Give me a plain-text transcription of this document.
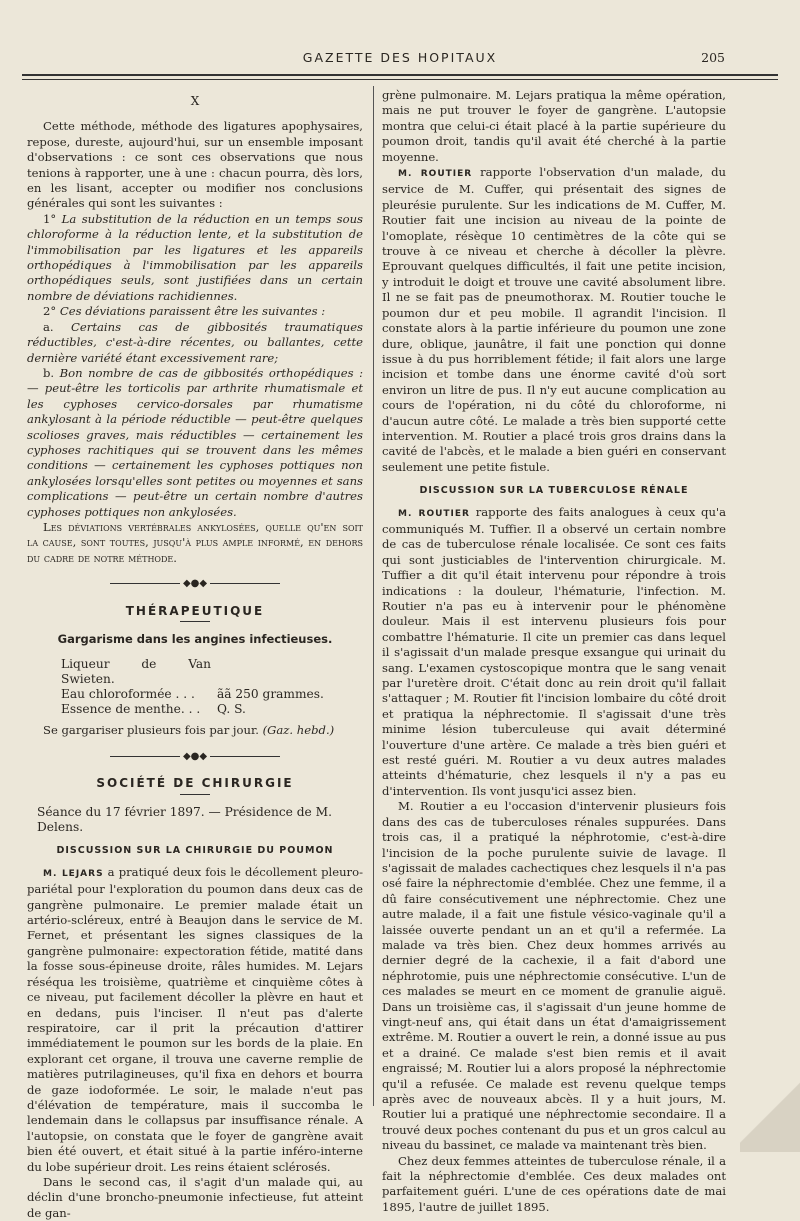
GAZETTE DES HOPITAUX	205
X

Cette méthode, méthode des ligatures apophysaires, repose, dureste, aujourd'hui, sur un ensemble imposant d'observations : ce sont ces observations que nous tenions à rapporter, une à une : chacun pourra, dès lors, en les lisant, accepter ou modifier nos conclusions générales qui sont les suivantes :

1° La substitution de la réduction en un temps sous chloroforme à la réduction lente, et la substitution de l'immobilisation par les ligatures et les appareils orthopédiques à l'immobilisation par les appareils orthopédiques seuls, sont justifiées dans un certain nombre de déviations rachidiennes.

2° Ces déviations paraissent être les suivantes :

a. Certains cas de gibbosités traumatiques réductibles, c'est-à-dire récentes, ou ballantes, cette dernière variété étant excessivement rare;

b. Bon nombre de cas de gibbosités orthopédiques : — peut-être les torticolis par arthrite rhumatismale et les cyphoses cervico-dorsales par rhumatisme ankylosant à la période réductible — peut-être quelques scolioses graves, mais réductibles — certainement les cyphoses rachitiques qui se trouvent dans les mêmes conditions — certainement les cyphoses pottiques non ankylosées lorsqu'elles sont petites ou moyennes et sans complications — peut-être un certain nombre d'autres cyphoses pottiques non ankylosées.

Les déviations vertébrales ankylosées, quelle qu'en soit la cause, sont toutes, jusqu'à plus ample informé, en dehors du cadre de notre méthode.

◆●◆
THÉRAPEUTIQUE
Gargarisme dans les angines infectieuses.
Liqueur de Van Swieten.
Eau chloroformée . . .	ãã 250 grammes.
Essence de menthe. . .	Q. S.

Se gargariser plusieurs fois par jour. (Gaz. hebd.)

◆●◆
SOCIÉTÉ DE CHIRURGIE

Séance du 17 février 1897. — Présidence de M. Delens.

DISCUSSION SUR LA CHIRURGIE DU POUMON

M. LEJARS a pratiqué deux fois le décollement pleuro-pariétal pour l'exploration du poumon dans deux cas de gangrène pulmonaire. Le premier malade était un artério-scléreux, entré à Beaujon dans le service de M. Fernet, et présentant les signes classiques de la gangrène pulmonaire: expectoration fétide, matité dans la fosse sous-épineuse droite, râles humides. M. Lejars réséqua les troisième, quatrième et cinquième côtes à ce niveau, put facilement décoller la plèvre en haut et en dedans, puis l'inciser. Il n'eut pas d'alerte respiratoire, car il prit la précaution d'attirer immédiatement le poumon sur les bords de la plaie. En explorant cet organe, il trouva une caverne remplie de matières putrilagineuses, qu'il fixa en dehors et bourra de gaze iodoformée. Le soir, le malade n'eut pas d'élévation de température, mais il succomba le lendemain dans le collapsus par insuffisance rénale. A l'autopsie, on constata que le foyer de gangrène avait bien été ouvert, et était situé à la partie inféro-interne du lobe supérieur droit. Les reins étaient sclérosés.

Dans le second cas, il s'agit d'un malade qui, au déclin d'une broncho-pneumonie infectieuse, fut atteint de gan-

grène pulmonaire. M. Lejars pratiqua la même opération, mais ne put trouver le foyer de gangrène. L'autopsie montra que celui-ci était placé à la partie supérieure du poumon droit, tandis qu'il avait été cherché à la partie moyenne.

M. ROUTIER rapporte l'observation d'un malade, du service de M. Cuffer, qui présentait des signes de pleurésie purulente. Sur les indications de M. Cuffer, M. Routier fait une incision au niveau de la pointe de l'omoplate, résèque 10 centimètres de la côte qui se trouve à ce niveau et cherche à décoller la plèvre. Eprouvant quelques difficultés, il fait une petite incision, y introduit le doigt et trouve une cavité absolument libre. Il ne se fait pas de pneumothorax. M. Routier touche le poumon dur et peu mobile. Il agrandit l'incision. Il constate alors à la partie inférieure du poumon une zone dure, oblique, jaunâtre, il fait une ponction qui donne issue à du pus horriblement fétide; il fait alors une large incision et tombe dans une énorme cavité d'où sort environ un litre de pus. Il n'y eut aucune complication au cours de l'opération, ni du côté du chloroforme, ni d'aucun autre côté. Le malade a très bien supporté cette intervention. M. Routier a placé trois gros drains dans la cavité de l'abcès, et le malade a bien guéri en conservant seulement une petite fistule.

DISCUSSION SUR LA TUBERCULOSE RÉNALE

M. ROUTIER rapporte des faits analogues à ceux qu'a communiqués M. Tuffier. Il a observé un certain nombre de cas de tuberculose rénale localisée. Ce sont ces faits qui sont justiciables de l'intervention chirurgicale. M. Tuffier a dit qu'il était intervenu pour répondre à trois indications : la douleur, l'hématurie, l'infection. M. Routier n'a pas eu à intervenir pour le phénomène douleur. Mais il est intervenu plusieurs fois pour combattre l'hématurie. Il cite un premier cas dans lequel il s'agissait d'un malade presque exsangue qui urinait du sang. L'examen cystoscopique montra que le sang venait par l'uretère droit. C'était donc au rein droit qu'il fallait s'attaquer ; M. Routier fit l'incision lombaire du côté droit et pratiqua la néphrectomie. Il s'agissait d'une très minime lésion tuberculeuse qui avait déterminé l'ouverture d'une artère. Ce malade a très bien guéri et est resté guéri. M. Routier a vu deux autres malades atteints d'hématurie, chez lesquels il n'y a pas eu d'intervention. Ils vont jusqu'ici assez bien.

M. Routier a eu l'occasion d'intervenir plusieurs fois dans des cas de tuberculoses rénales suppurées. Dans trois cas, il a pratiqué la néphrotomie, c'est-à-dire l'incision de la poche purulente suivie de lavage. Il s'agissait de malades cachectiques chez lesquels il n'a pas osé faire la néphrectomie d'emblée. Chez une femme, il a dû faire consécutivement une néphrectomie. Chez une autre malade, il a fait une fistule vésico-vaginale qu'il a laissée ouverte pendant un an et qu'il a refermée. La malade va très bien. Chez deux hommes arrivés au dernier degré de la cachexie, il a fait d'abord une néphrotomie, puis une néphrectomie consécutive. L'un de ces malades se meurt en ce moment de granulie aiguë. Dans un troisième cas, il s'agissait d'un jeune homme de vingt-neuf ans, qui était dans un état d'amaigrissement extrême. M. Routier a ouvert le rein, a donné issue au pus et a drainé. Ce malade s'est bien remis et il avait engraissé; M. Routier lui a alors proposé la néphrectomie qu'il a refusée. Ce malade est revenu quelque temps après avec de nouveaux abcès. Il y a huit jours, M. Routier lui a pratiqué une néphrectomie secondaire. Il a trouvé deux poches contenant du pus et un gros calcul au niveau du bassinet, ce malade va maintenant très bien.

Chez deux femmes atteintes de tuberculose rénale, il a fait la néphrectomie d'emblée. Ces deux malades ont parfaitement guéri. L'une de ces opérations date de mai 1895, l'autre de juillet 1895.
